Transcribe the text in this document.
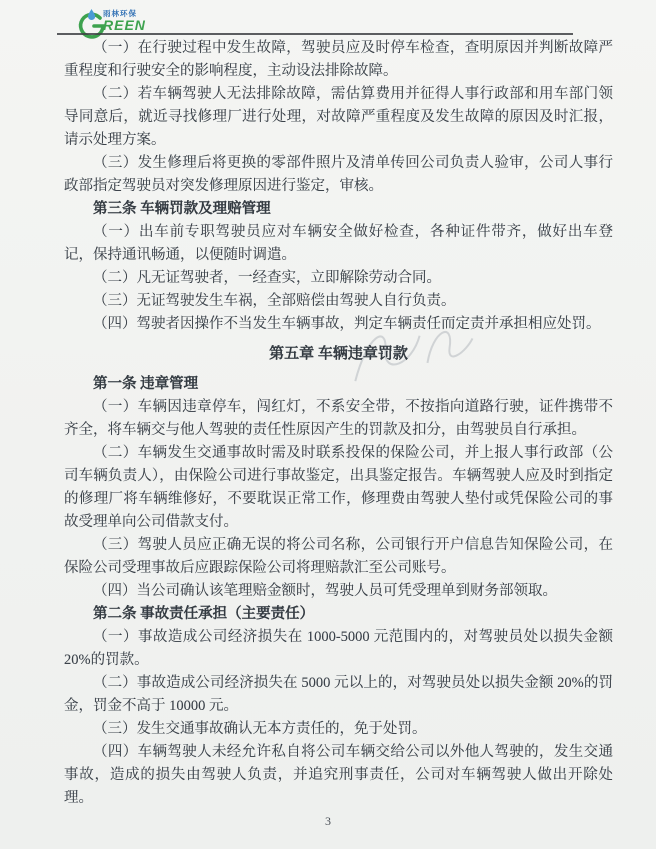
雨林环保
REEN

（一）在行驶过程中发生故障，驾驶员应及时停车检查，查明原因并判断故障严重程度和行驶安全的影响程度，主动设法排除故障。

（二）若车辆驾驶人无法排除故障，需估算费用并征得人事行政部和用车部门领导同意后，就近寻找修理厂进行处理，对故障严重程度及发生故障的原因及时汇报，请示处理方案。

（三）发生修理后将更换的零部件照片及清单传回公司负责人验审，公司人事行政部指定驾驶员对突发修理原因进行鉴定，审核。

第三条 车辆罚款及理赔管理

（一）出车前专职驾驶员应对车辆安全做好检查，各种证件带齐，做好出车登记，保持通讯畅通，以便随时调遣。

（二）凡无证驾驶者，一经查实，立即解除劳动合同。

（三）无证驾驶发生车祸，全部赔偿由驾驶人自行负责。

（四）驾驶者因操作不当发生车辆事故，判定车辆责任而定责并承担相应处罚。

第五章 车辆违章罚款

第一条 违章管理

（一）车辆因违章停车，闯红灯，不系安全带，不按指向道路行驶，证件携带不齐全，将车辆交与他人驾驶的责任性原因产生的罚款及扣分，由驾驶员自行承担。

（二）车辆发生交通事故时需及时联系投保的保险公司，并上报人事行政部（公司车辆负责人），由保险公司进行事故鉴定，出具鉴定报告。车辆驾驶人应及时到指定的修理厂将车辆维修好，不要耽误正常工作，修理费由驾驶人垫付或凭保险公司的事故受理单向公司借款支付。

（三）驾驶人员应正确无误的将公司名称，公司银行开户信息告知保险公司，在保险公司受理事故后应跟踪保险公司将理赔款汇至公司账号。

（四）当公司确认该笔理赔金额时，驾驶人员可凭受理单到财务部领取。

第二条 事故责任承担（主要责任）

（一）事故造成公司经济损失在 1000-5000 元范围内的，对驾驶员处以损失金额20%的罚款。

（二）事故造成公司经济损失在 5000 元以上的，对驾驶员处以损失金额 20%的罚金，罚金不高于 10000 元。

（三）发生交通事故确认无本方责任的，免于处罚。

（四）车辆驾驶人未经允许私自将公司车辆交给公司以外他人驾驶的，发生交通事故，造成的损失由驾驶人负责，并追究刑事责任，公司对车辆驾驶人做出开除处理。

3
